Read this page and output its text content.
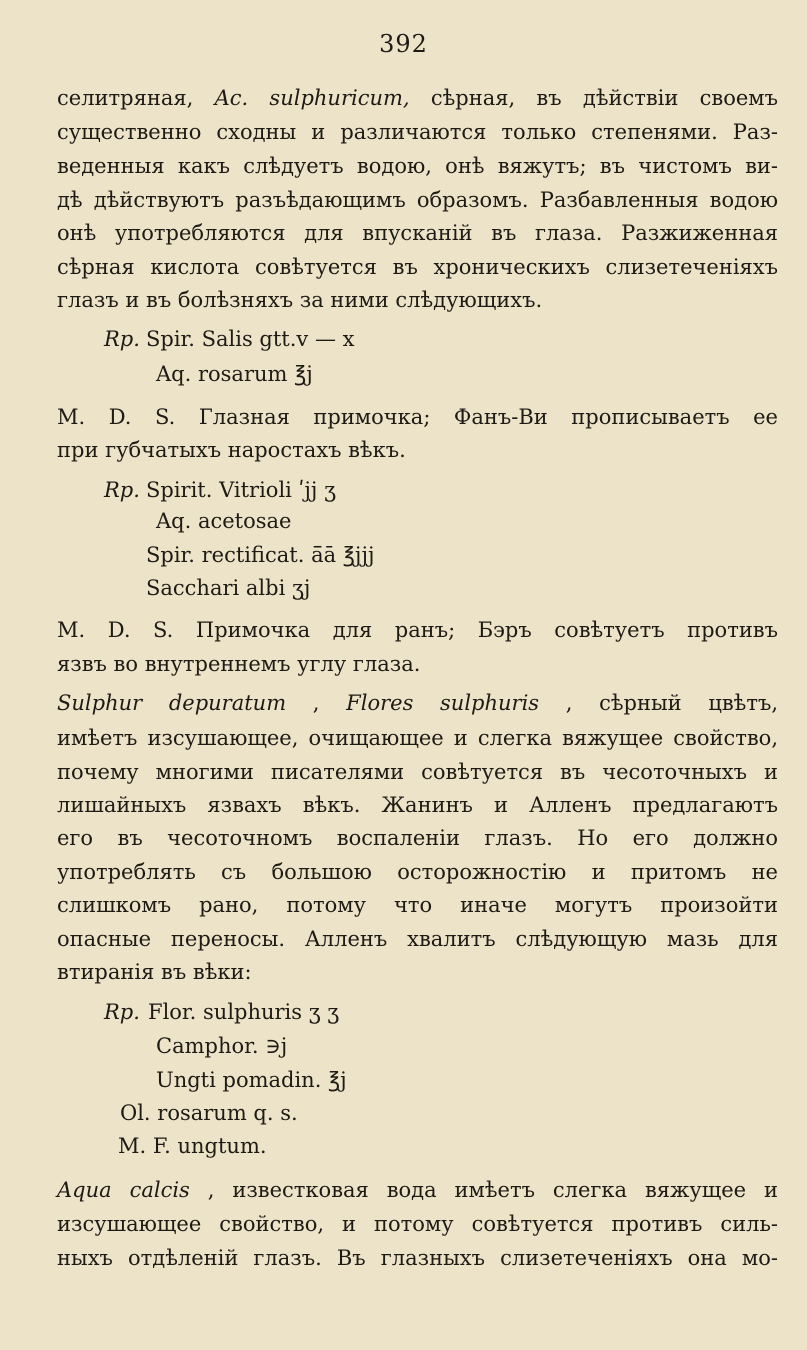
392
селитряная, Ac. sulphuricum, сѣрная, въ дѣйствіи своемъ
существенно сходны и различаются только степенями. Раз-
веденныя какъ слѣдуетъ водою, онѣ вяжутъ; въ чистомъ ви-
дѣ дѣйствуютъ разъѣдающимъ образомъ. Разбавленныя водою
онѣ употребляются для впусканій въ глаза. Разжиженная
сѣрная кислота совѣтуется въ хроническихъ слизетеченіяхъ
глазъ и въ болѣзняхъ за ними слѣдующихъ.
Rp. Spir. Salis gtt.v — x
Aq. rosarum ℥j
M. D. S. Глазная примочка; Фанъ-Ви прописываетъ ее
при губчатыхъ наростахъ вѣкъ.
Rp. Spirit. Vitrioli ʹjj ʒ
Aq. acetosae
Spir. rectificat. ā̄ā ℥jjj
Sacchari albi ʒj
M. D. S. Примочка для ранъ; Бэръ совѣтуетъ противъ
язвъ во внутреннемъ углу глаза.
Sulphur depuratum , Flores sulphuris , сѣрный цвѣтъ,
имѣетъ изсушающее, очищающее и слегка вяжущее свойство,
почему многими писателями совѣтуется въ чесоточныхъ и
лишайныхъ язвахъ вѣкъ. Жанинъ и Алленъ предлагаютъ
его въ чесоточномъ воспаленіи глазъ. Но его должно
употреблять съ большою осторожностію и притомъ не
слишкомъ рано, потому что иначе могутъ произойти
опасные переносы. Алленъ хвалитъ слѣдующую мазь для
втиранія въ вѣки:
Rp. Flor. sulphuris ʒ ʒ
Camphor. ∋j
Ungti pomadin. ℥j
Ol. rosarum q. s.
M. F. ungtum.
Aqua calcis , известковая вода имѣетъ слегка вяжущее и
изсушающее свойство, и потому совѣтуется противъ силь-
ныхъ отдѣленій глазъ. Въ глазныхъ слизетеченіяхъ она мо-
